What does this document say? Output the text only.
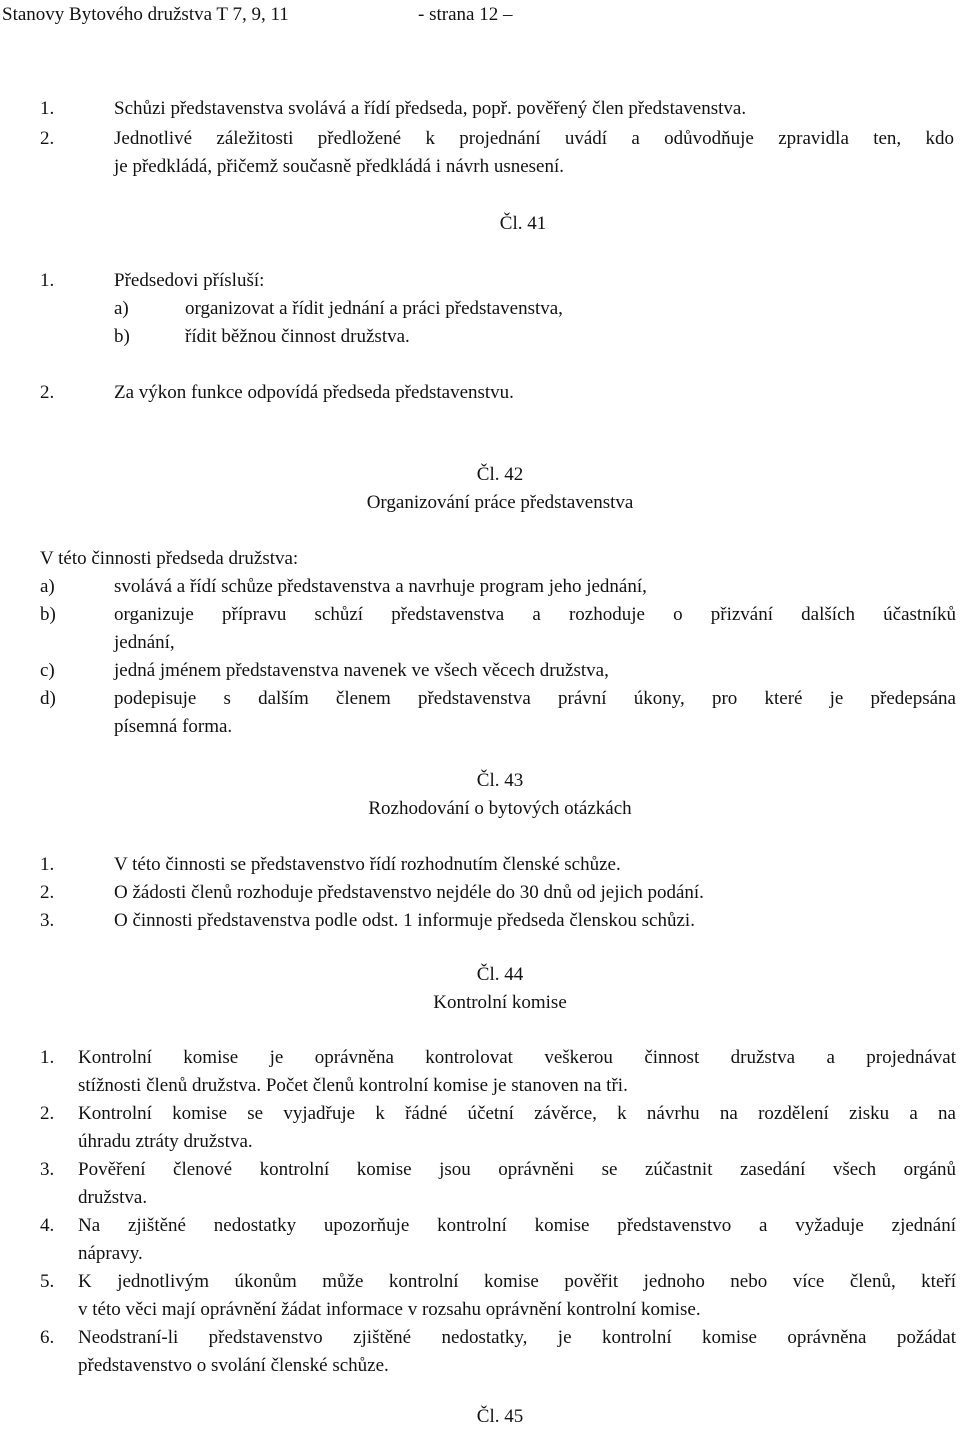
Stanovy Bytového družstva T 7, 9, 11	- strana 12 –
1.	Schůzi představenstva svolává a řídí předseda, popř. pověřený člen představenstva.
2.	Jednotlivé záležitosti předložené k projednání uvádí a odůvodňuje zpravidla ten, kdo
je předkládá, přičemž současně předkládá i návrh usnesení.
Čl. 41
1.	Předsedovi přísluší:
a)	organizovat a řídit jednání a práci představenstva,
b)	řídit běžnou činnost družstva.
2.	Za výkon funkce odpovídá předseda představenstvu.
Čl. 42
Organizování práce představenstva
V této činnosti předseda družstva:
a)	svolává a řídí schůze představenstva a navrhuje program jeho jednání,
b)	organizuje přípravu schůzí představenstva a rozhoduje o přizvání dalších účastníků
jednání,
c)	jedná jménem představenstva navenek ve všech věcech družstva,
d)	podepisuje s dalším členem představenstva právní úkony, pro které je předepsána
písemná forma.
Čl. 43
Rozhodování o bytových otázkách
1.	V této činnosti se představenstvo řídí rozhodnutím členské schůze.
2.	O žádosti členů rozhoduje představenstvo nejdéle do 30 dnů od jejich podání.
3.	O činnosti představenstva podle odst. 1 informuje předseda členskou schůzi.
Čl. 44
Kontrolní komise
1. Kontrolní komise je oprávněna kontrolovat veškerou činnost družstva a projednávat
stížnosti členů družstva. Počet členů kontrolní komise je stanoven na tři.
2. Kontrolní komise se vyjadřuje k řádné účetní závěrce, k návrhu na rozdělení zisku a na
úhradu ztráty družstva.
3. Pověření členové kontrolní komise jsou oprávněni se zúčastnit zasedání všech orgánů
družstva.
4. Na zjištěné nedostatky upozorňuje kontrolní komise představenstvo a vyžaduje zjednání
nápravy.
5. K jednotlivým úkonům může kontrolní komise pověřit jednoho nebo více členů, kteří
v této věci mají oprávnění žádat informace v rozsahu oprávnění kontrolní komise.
6. Neodstraní-li představenstvo zjištěné nedostatky, je kontrolní komise oprávněna požádat
představenstvo o svolání členské schůze.
Čl. 45
